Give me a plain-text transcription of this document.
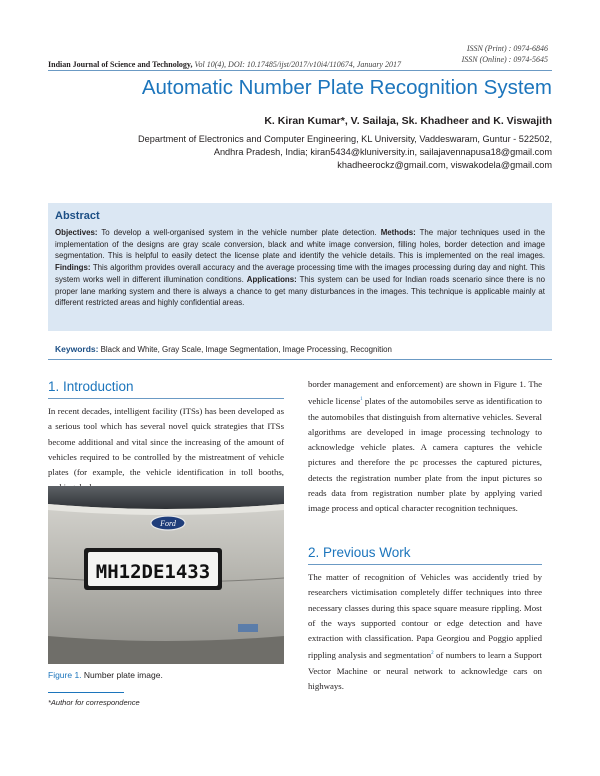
ISSN (Print) : 0974-6846
ISSN (Online) : 0974-5645
Indian Journal of Science and Technology, Vol 10(4), DOI: 10.17485/ijst/2017/v10i4/110674, January 2017
Automatic Number Plate Recognition System
K. Kiran Kumar*, V. Sailaja, Sk. Khadheer and K. Viswajith
Department of Electronics and Computer Engineering, KL University, Vaddeswaram, Guntur - 522502,
Andhra Pradesh, India; kiran5434@kluniversity.in, sailajavennapusa18@gmail.com
khadheerockz@gmail.com, viswakodela@gmail.com
Abstract
Objectives: To develop a well-organised system in the vehicle number plate detection. Methods: The major techniques used in the implementation of the designs are gray scale conversion, black and white image conversion, filling holes, border detection and image segmentation. This is helpful to easily detect the license plate and identify the vehicle details. This is implemented on the real images. Findings: This algorithm provides overall accuracy and the average processing time with the images processing during day and night. This system works well in different illumination conditions. Applications: This system can be used for Indian roads scenario since there is no proper lane marking system and there is always a chance to get many disturbances in the images. This technique is applicable mainly at different restricted areas and highly confidential areas.
Keywords: Black and White, Gray Scale, Image Segmentation, Image Processing, Recognition
1. Introduction
In recent decades, intelligent facility (ITSs) has been developed as a serious tool which has several novel quick strategies that ITSs become additional and vital since the increasing of the amount of vehicles required to be controlled by the mistreatment of vehicle plates (for example, the vehicle identification in toll booths,
Ford
MH12DE1433
Figure 1. Number plate image.
*Author for correspondence
border management and enforcement) are shown in Figure 1. The vehicle license$^1$ plates of the automobiles serve as identification to the automobiles that distinguish from alternative vehicles. Several algorithms are developed in image processing technology to acknowledge vehicle plates. A camera captures the vehicle pictures and therefore the pc processes the captured pictures, detects the registration number plate from the input pictures so reads data from registration number plate by applying varied image process and optical character recognition techniques.
2. Previous Work
The matter of recognition of Vehicles was accidently tried by researchers victimisation completely differ techniques into three necessary classes during this space square measure rippling. Most of the ways supported contour or edge detection and have extraction with classification. Papa Georgiou and Poggio applied rippling analysis and segmentation$^2$ of numbers to learn a Support Vector Machine or neural network to acknowledge cars on highways.
